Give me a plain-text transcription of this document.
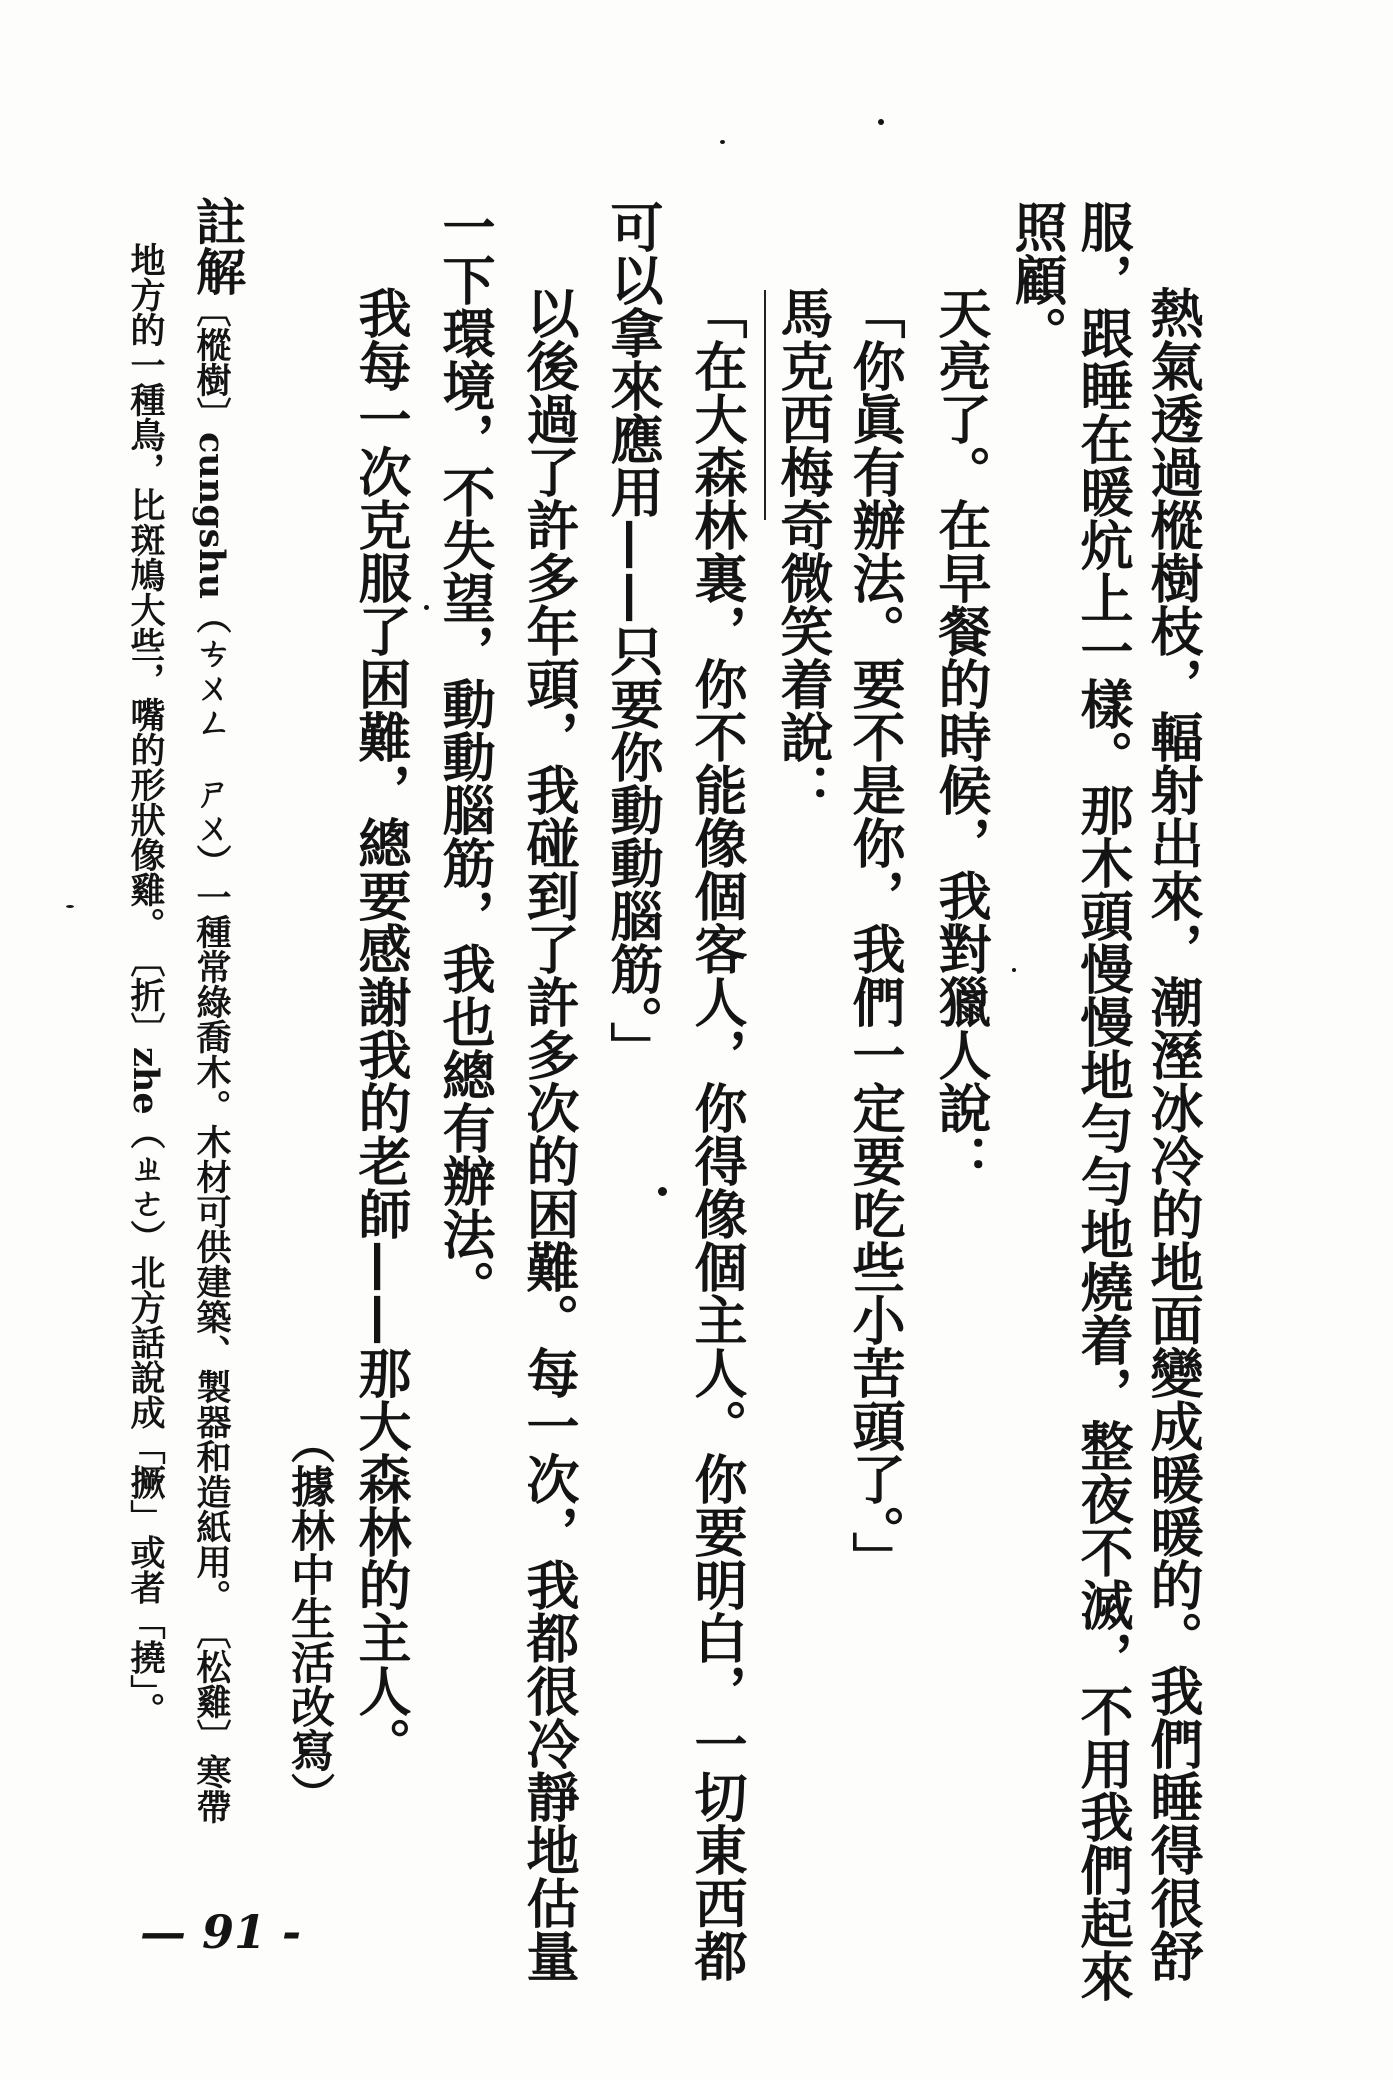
熱氣透過樅樹枝，輻射出來，潮溼冰冷的地面變成暖暖的。我們睡得很舒
服，跟睡在暖炕上一樣。那木頭慢慢地勻勻地燒着，整夜不滅，不用我們起來
照顧。
天亮了。在早餐的時候，我對獵人說：
「你眞有辦法。要不是你，我們一定要吃些小苦頭了。」
馬克西梅奇微笑着說：
「在大森林裏，你不能像個客人，你得像個主人。你要明白，一切東西都
可以拿來應用——只要你動動腦筋。」
以後過了許多年頭，我碰到了許多次的困難。每一次，我都很冷靜地估量
一下環境，不失望，動動腦筋，我也總有辦法。
我每一次克服了困難，總要感謝我的老師——那大森林的主人。
（據林中生活改寫）
註解
〔樅樹〕cungshu（ㄘㄨㄥ　ㄕㄨ）一種常綠喬木。木材可供建築、製器和造紙用。　〔松雞〕寒帶
地方的一種鳥，比斑鳩大些，嘴的形狀像雞。　〔折〕zhe（ㄓㄜ）北方話說成「撅」或者「撓」。
— 91 -
